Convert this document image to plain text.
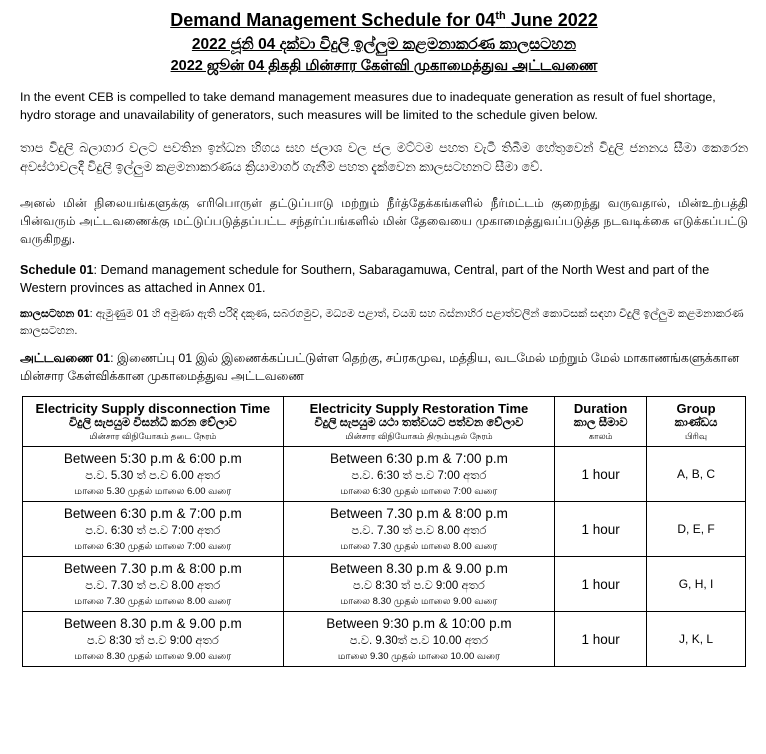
Demand Management Schedule for 04th June 2022
2022 ජූනි 04 දක්වා විදුලි ඉල්ලුම කළමනාකරණ කාලසටහන
2022 ஜூன் 04 திகதி மின்சார கேள்வி முகாமைத்துவ அட்டவணை

In the event CEB is compelled to take demand management measures due to inadequate generation as result of fuel shortage, hydro storage and unavailability of generators, such measures will be limited to the schedule given below.

තාප විදුලි බලාගාර වලට පවතින ඉන්ධන හිගය සහ ජලාශ වල ජල මට්ටම පහත වැටී තිබීම හේතුවෙන් විදුලි ජනනය සීමා කෙරෙන අවස්ථාවලදී විදුලි ඉල්ලුම කළමනාකරණය ක්‍රියාමාර්ග ගැනීම පහත දැක්වෙන කාලසටහනට සීමා වේ.

அனல் மின் நிலையங்களுக்கு எரிபொருள் தட்டுப்பாடு மற்றும் நீர்த்தேக்கங்களில் நீர்மட்டம் குறைந்து வருவதால், மின்உற்பத்தி பின்வரும் அட்டவணைக்கு மட்டுப்படுத்தப்பட்ட சந்தர்ப்பங்களில் மின் தேவையை முகாமைத்துவப்படுத்த நடவடிக்கை எடுக்கப்பட்டு வருகிறது.

Schedule 01: Demand management schedule for Southern, Sabaragamuwa, Central, part of the North West and part of the Western provinces as attached in Annex 01.

කාලසටහන 01: ඇමුණුම 01 හි අමුණා ඇති පරිදි දකුණ, සබරගමුව, මධ්‍යම පළාත්, වයඹ සහ බස්නාහිර පළාත්වලින් කොටසක් සඳහා විදුලි ඉල්ලුම කළමනාකරණ කාලසටහන.

அட்டவணை 01: இணைப்பு 01 இல் இணைக்கப்பட்டுள்ள தெற்கு, சப்ரகமுவ, மத்திய, வடமேல் மற்றும் மேல் மாகாணங்களுக்கான மின்சார கேள்விக்கான முகாமைத்துவ அட்டவணை

Electricity Supply disconnection Time
විදුලි සැපයුම විසන්ධි කරන වේලාව
மின்சார விநியோகம் தடை நேரம்	Electricity Supply Restoration Time
විදුලි සැපයුම යථා තත්වයට පත්වන වේලාව
மின்சார விநியோகம் திரும்புதல் நேரம்	Duration
කාල සීමාව
காலம்	Group
කාණ්ඩය
பிரிவு

Between 5:30 p.m & 6:00 p.m
ප.ව. 5.30 ත් ප.ව 6.00 අතර
மாலை 5.30 முதல் மாலை 6.00 வரை	Between 6:30 p.m & 7:00 p.m
ප.ව. 6:30 ත් ප.ව 7:00 අතර
மாலை 6:30 முதல் மாலை 7:00 வரை	1 hour	A, B, C

Between 6:30 p.m & 7:00 p.m
ප.ව. 6:30 ත් ප.ව 7:00 අතර
மாலை 6:30 முதல் மாலை 7:00 வரை	Between 7.30 p.m & 8:00 p.m
ප.ව. 7.30 ත් ප.ව 8.00 අතර
மாலை 7.30 முதல் மாலை 8.00 வரை	1 hour	D, E, F

Between 7.30 p.m & 8:00 p.m
ප.ව. 7.30 ත් ප.ව 8.00 අතර
மாலை 7.30 முதல் மாலை 8.00 வரை	Between 8.30 p.m & 9.00 p.m
ප.ව 8:30 ත් ප.ව 9:00 අතර
மாலை 8.30 முதல் மாலை 9.00 வரை	1 hour	G, H, I

Between 8.30 p.m & 9.00 p.m
ප.ව 8:30 ත් ප.ව 9:00 අතර
மாலை 8.30 முதல் மாலை 9.00 வரை	Between 9:30 p.m & 10:00 p.m
ප.ව. 9.30ත් ප.ව 10.00 අතර
மாலை 9.30 முதல் மாலை 10.00 வரை	1 hour	J, K, L
